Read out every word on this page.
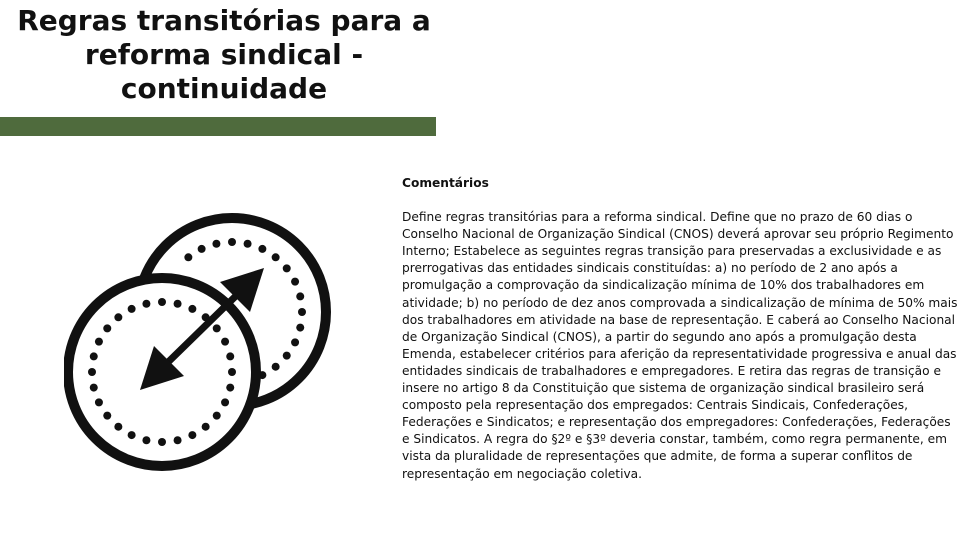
Regras transitórias para a
reforma sindical -
continuidade

Comentários

Define regras transitórias para a reforma sindical. Define que no prazo de 60 dias o Conselho Nacional de Organização Sindical (CNOS) deverá aprovar seu próprio Regimento Interno; Estabelece as seguintes regras transição para preservadas a exclusividade e as prerrogativas das entidades sindicais constituídas: a) no período de 2 ano após a promulgação a comprovação da sindicalização mínima de 10% dos trabalhadores em atividade; b) no período de dez anos comprovada a sindicalização de mínima de 50% mais dos trabalhadores em atividade na base de representação. E caberá ao Conselho Nacional de Organização Sindical (CNOS), a partir do segundo ano após a promulgação desta Emenda, estabelecer critérios para aferição da representatividade progressiva e anual das entidades sindicais de trabalhadores e empregadores. E retira das regras de transição e insere no artigo 8 da Constituição que sistema de organização sindical brasileiro será composto pela representação dos empregados: Centrais Sindicais, Confederações, Federações e Sindicatos; e representação dos empregadores: Confederações, Federações e Sindicatos. A regra do §2º e §3º deveria constar, também, como regra permanente, em vista da pluralidade de representações que admite, de forma a superar conflitos de representação em negociação coletiva.
